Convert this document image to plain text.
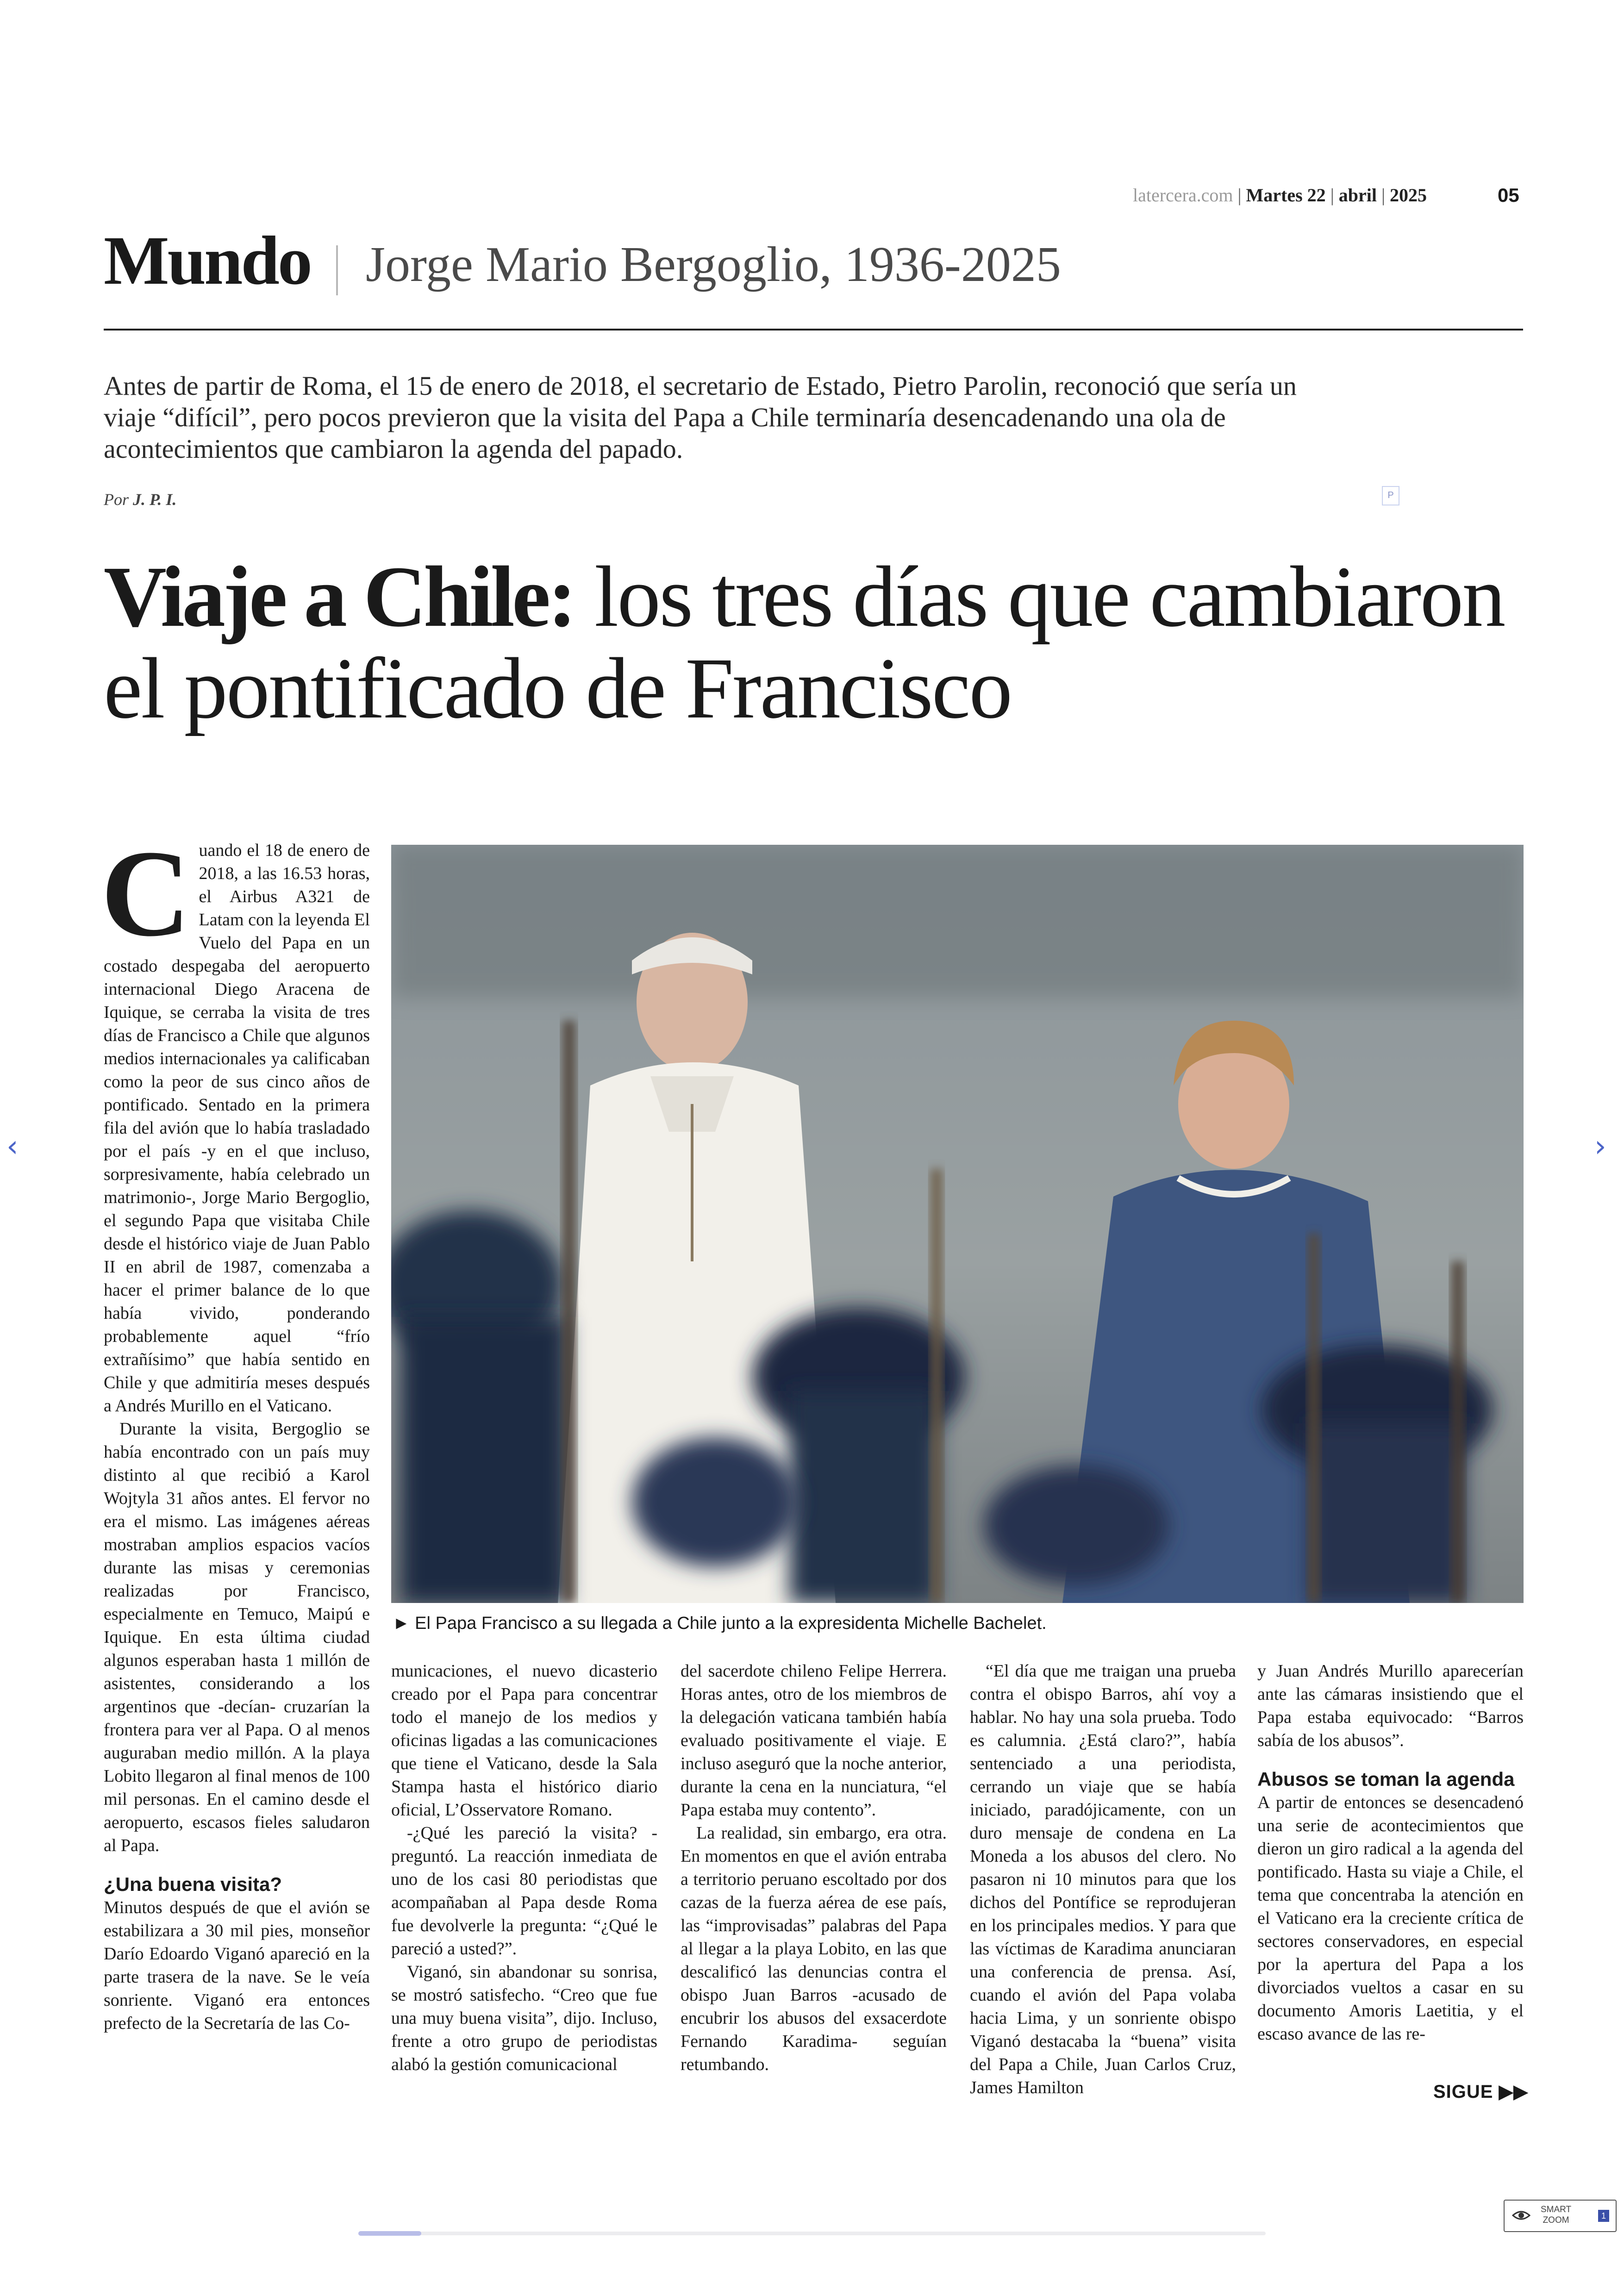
latercera.com | Martes 22 | abril | 2025	05
Mundo Jorge Mario Bergoglio, 1936-2025
Antes de partir de Roma, el 15 de enero de 2018, el secretario de Estado, Pietro Parolin, reconoció que sería un viaje “difícil”, pero pocos previeron que la visita del Papa a Chile terminaría desencadenando una ola de acontecimientos que cambiaron la agenda del papado.
Por J. P. I.	P
Viaje a Chile: los tres días que cambiaron el pontificado de Francisco
► El Papa Francisco a su llegada a Chile junto a la expresidenta Michelle Bachelet.
C uando el 18 de enero de 2018, a las 16.53 horas, el Airbus A321 de Latam con la leyenda El Vuelo del Papa en un costado despegaba del aeropuerto internacional Diego Aracena de Iquique, se cerraba la visita de tres días de Francisco a Chile que algunos medios internacionales ya calificaban como la peor de sus cinco años de pontificado. Sentado en la primera fila del avión que lo había trasladado por el país -y en el que incluso, sorpresivamente, había celebrado un matrimonio-, Jorge Mario Bergoglio, el segundo Papa que visitaba Chile desde el histórico viaje de Juan Pablo II en abril de 1987, comenzaba a hacer el primer balance de lo que había vivido, ponderando probablemente aquel “frío extrañísimo” que había sentido en Chile y que admitiría meses después a Andrés Murillo en el Vaticano.

Durante la visita, Bergoglio se había encontrado con un país muy distinto al que recibió a Karol Wojtyla 31 años antes. El fervor no era el mismo. Las imágenes aéreas mostraban amplios espacios vacíos durante las misas y ceremonias realizadas por Francisco, especialmente en Temuco, Maipú e Iquique. En esta última ciudad algunos esperaban hasta 1 millón de asistentes, considerando a los argentinos que -decían- cruzarían la frontera para ver al Papa. O al menos auguraban medio millón. A la playa Lobito llegaron al final menos de 100 mil personas. En el camino desde el aeropuerto, escasos fieles saludaron al Papa.

¿Una buena visita?

Minutos después de que el avión se estabilizara a 30 mil pies, monseñor Darío Edoardo Viganó apareció en la parte trasera de la nave. Se le veía sonriente. Viganó era entonces prefecto de la Secretaría de las Co-

municaciones, el nuevo dicasterio creado por el Papa para concentrar todo el manejo de los medios y oficinas ligadas a las comunicaciones que tiene el Vaticano, desde la Sala Stampa hasta el histórico diario oficial, L’Osservatore Romano.

-¿Qué les pareció la visita? -preguntó. La reacción inmediata de uno de los casi 80 periodistas que acompañaban al Papa desde Roma fue devolverle la pregunta: “¿Qué le pareció a usted?”.

Viganó, sin abandonar su sonrisa, se mostró satisfecho. “Creo que fue una muy buena visita”, dijo. Incluso, frente a otro grupo de periodistas alabó la gestión comunicacional

del sacerdote chileno Felipe Herrera. Horas antes, otro de los miembros de la delegación vaticana también había evaluado positivamente el viaje. E incluso aseguró que la noche anterior, durante la cena en la nunciatura, “el Papa estaba muy contento”.

La realidad, sin embargo, era otra. En momentos en que el avión entraba a territorio peruano escoltado por dos cazas de la fuerza aérea de ese país, las “improvisadas” palabras del Papa al llegar a la playa Lobito, en las que descalificó las denuncias contra el obispo Juan Barros -acusado de encubrir los abusos del exsacerdote Fernando Karadima- seguían retumbando.

“El día que me traigan una prueba contra el obispo Barros, ahí voy a hablar. No hay una sola prueba. Todo es calumnia. ¿Está claro?”, había sentenciado a una periodista, cerrando un viaje que se había iniciado, paradójicamente, con un duro mensaje de condena en La Moneda a los abusos del clero. No pasaron ni 10 minutos para que los dichos del Pontífice se reprodujeran en los principales medios. Y para que las víctimas de Karadima anunciaran una conferencia de prensa. Así, cuando el avión del Papa volaba hacia Lima, y un sonriente obispo Viganó destacaba la “buena” visita del Papa a Chile, Juan Carlos Cruz, James Hamilton

y Juan Andrés Murillo aparecerían ante las cámaras insistiendo que el Papa estaba equivocado: “Barros sabía de los abusos”.

Abusos se toman la agenda

A partir de entonces se desencadenó una serie de acontecimientos que dieron un giro radical a la agenda del pontificado. Hasta su viaje a Chile, el tema que concentraba la atención en el Vaticano era la creciente crítica de sectores conservadores, en especial por la apertura del Papa a los divorciados vueltos a casar en su documento Amoris Laetitia, y el escaso avance de las re-

SIGUE ▶▶
‹	›
SMART
ZOOM	1
